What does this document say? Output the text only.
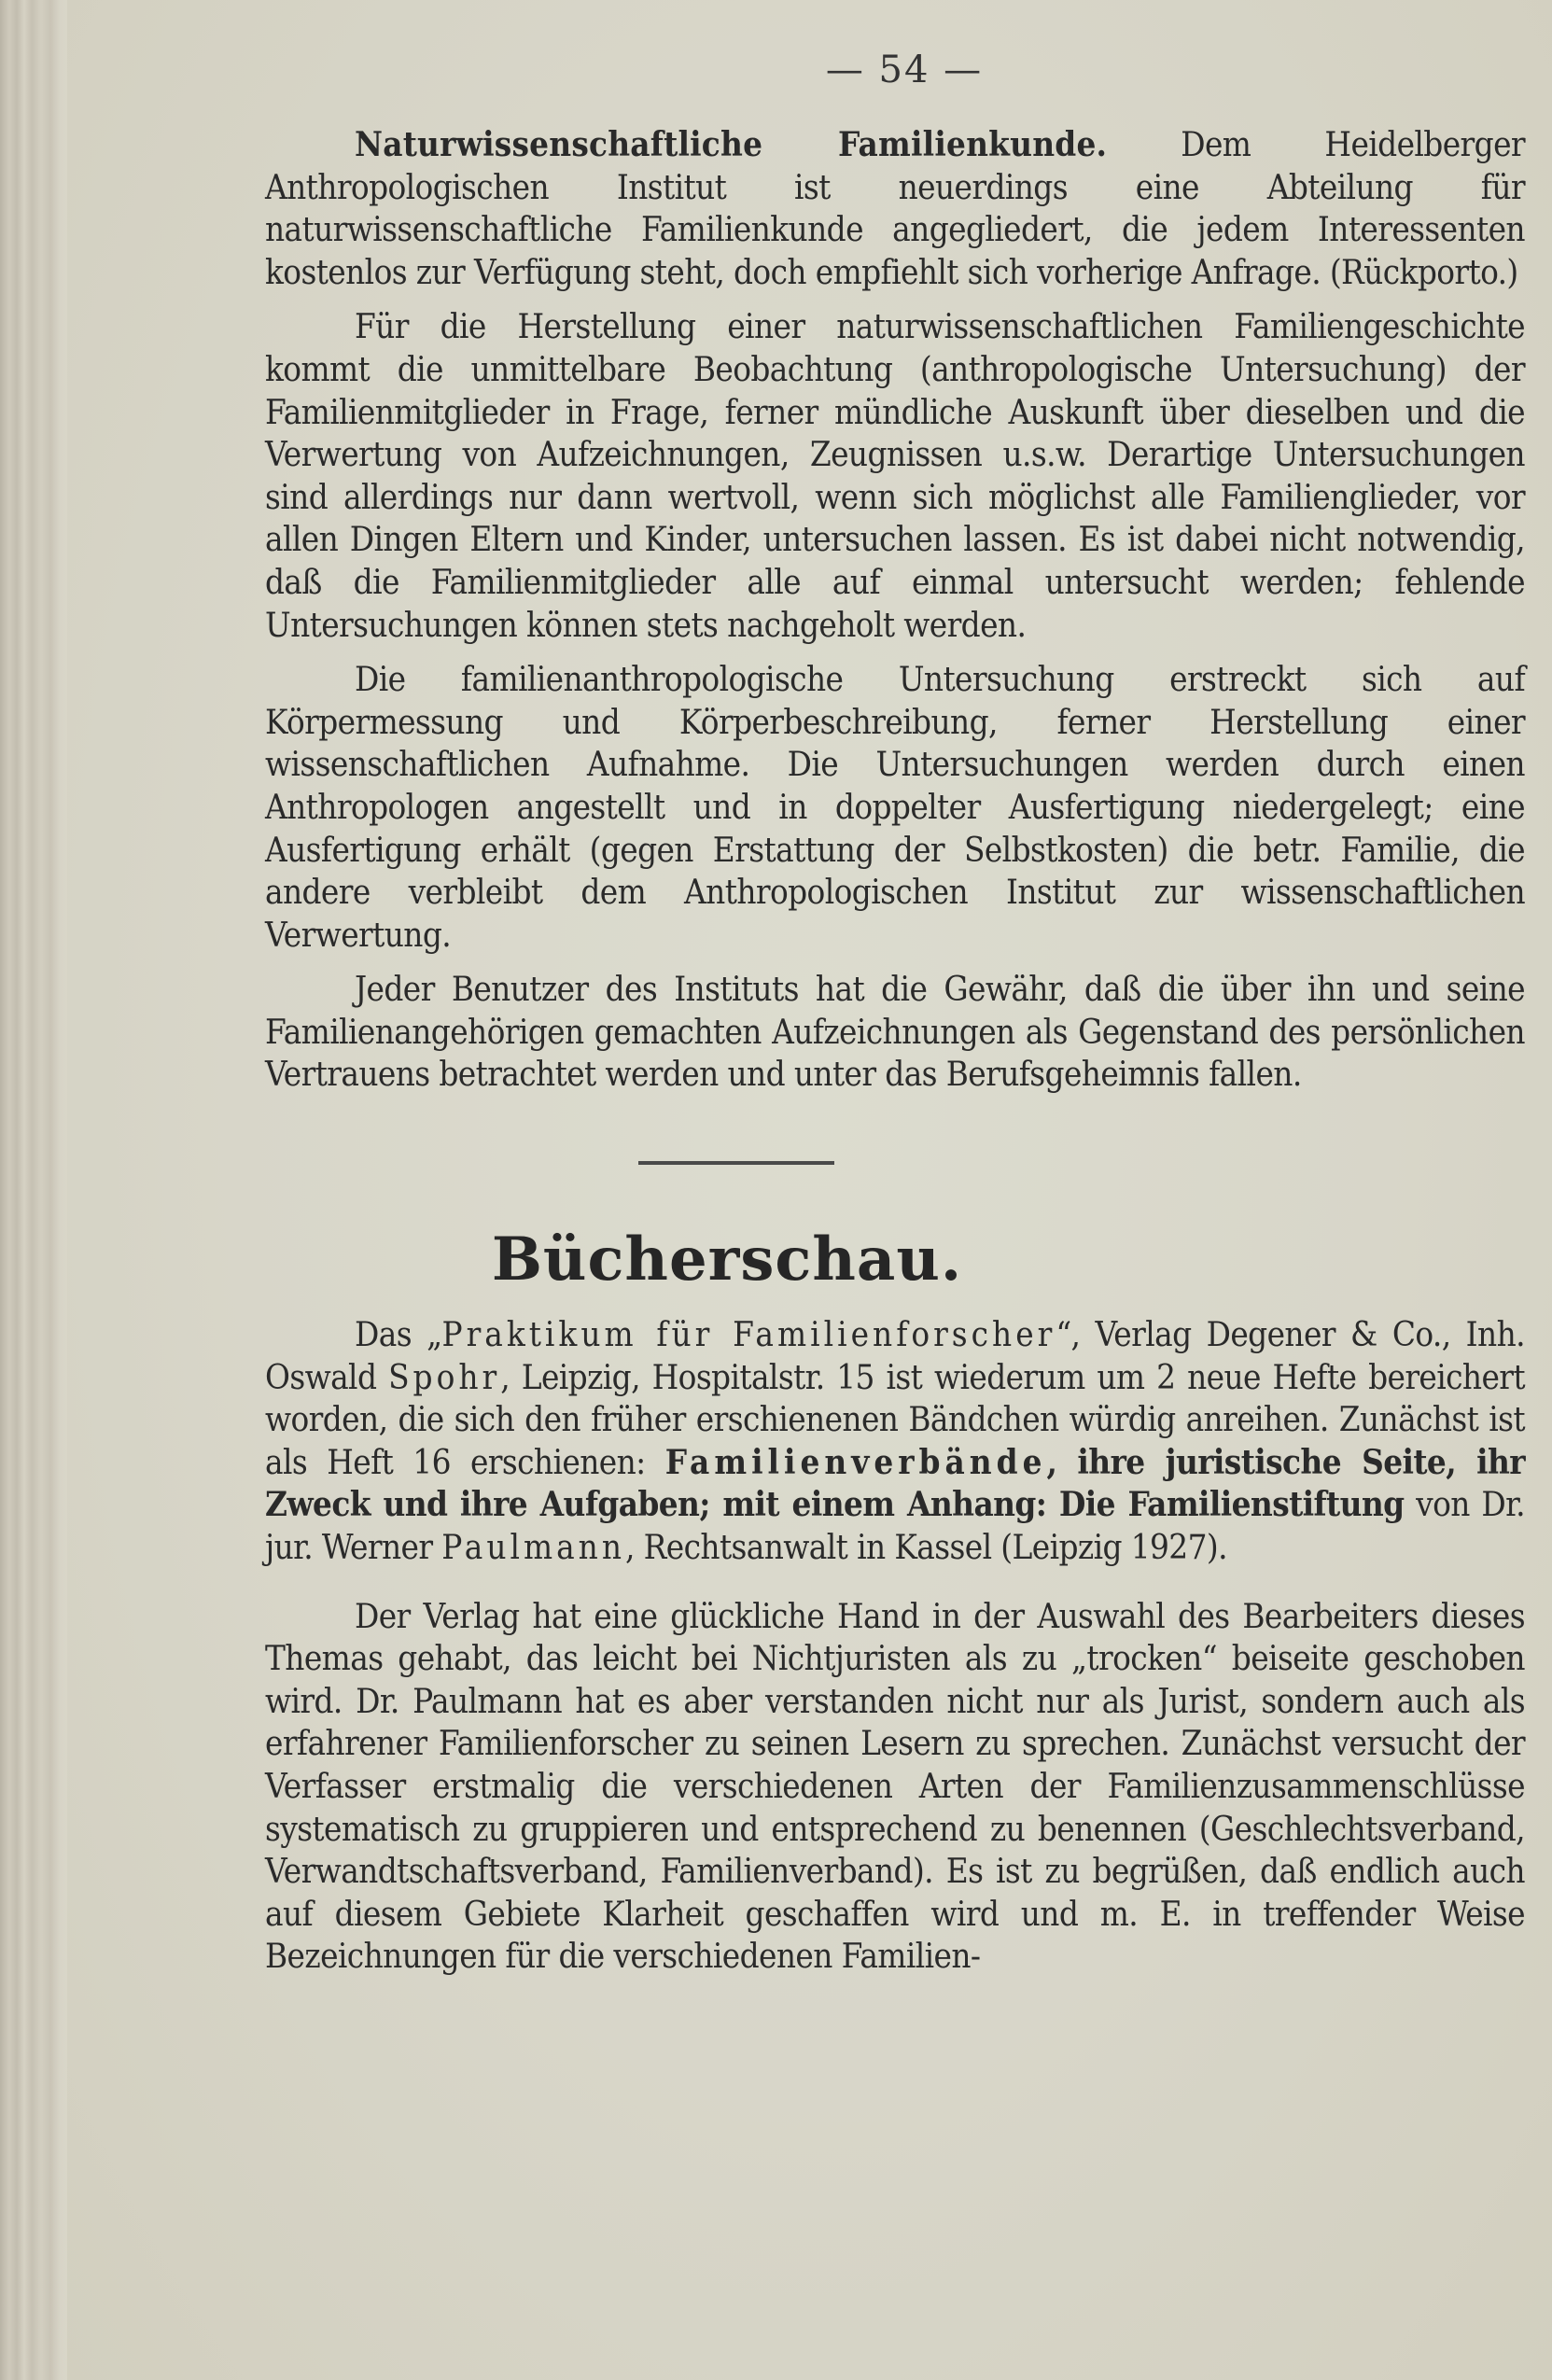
— 54 —

Naturwissenschaftliche Familienkunde. Dem Heidelberger Anthropologischen Institut ist neuerdings eine Abteilung für naturwissenschaftliche Familienkunde angegliedert, die jedem Interessenten kostenlos zur Verfügung steht, doch empfiehlt sich vorherige Anfrage. (Rückporto.)

Für die Herstellung einer naturwissenschaftlichen Familiengeschichte kommt die unmittelbare Beobachtung (anthropologische Untersuchung) der Familienmitglieder in Frage, ferner mündliche Auskunft über dieselben und die Verwertung von Aufzeichnungen, Zeugnissen u.s.w. Derartige Untersuchungen sind allerdings nur dann wertvoll, wenn sich möglichst alle Familienglieder, vor allen Dingen Eltern und Kinder, untersuchen lassen. Es ist dabei nicht notwendig, daß die Familienmitglieder alle auf einmal untersucht werden; fehlende Untersuchungen können stets nachgeholt werden.

Die familienanthropologische Untersuchung erstreckt sich auf Körpermessung und Körperbeschreibung, ferner Herstellung einer wissenschaftlichen Aufnahme. Die Untersuchungen werden durch einen Anthropologen angestellt und in doppelter Ausfertigung niedergelegt; eine Ausfertigung erhält (gegen Erstattung der Selbstkosten) die betr. Familie, die andere verbleibt dem Anthropologischen Institut zur wissenschaftlichen Verwertung.

Jeder Benutzer des Instituts hat die Gewähr, daß die über ihn und seine Familienangehörigen gemachten Aufzeichnungen als Gegenstand des persönlichen Vertrauens betrachtet werden und unter das Berufsgeheimnis fallen.

Bücherschau.

Das „Praktikum für Familienforscher“, Verlag Degener & Co., Inh. Oswald Spohr, Leipzig, Hospitalstr. 15 ist wiederum um 2 neue Hefte bereichert worden, die sich den früher erschienenen Bändchen würdig anreihen. Zunächst ist als Heft 16 erschienen: Familienverbände, ihre juristische Seite, ihr Zweck und ihre Aufgaben; mit einem Anhang: Die Familienstiftung von Dr. jur. Werner Paulmann, Rechtsanwalt in Kassel (Leipzig 1927).

Der Verlag hat eine glückliche Hand in der Auswahl des Bearbeiters dieses Themas gehabt, das leicht bei Nichtjuristen als zu „trocken“ beiseite geschoben wird. Dr. Paulmann hat es aber verstanden nicht nur als Jurist, sondern auch als erfahrener Familienforscher zu seinen Lesern zu sprechen. Zunächst versucht der Verfasser erstmalig die verschiedenen Arten der Familienzusammenschlüsse systematisch zu gruppieren und entsprechend zu benennen (Geschlechtsverband, Verwandtschaftsverband, Familienverband). Es ist zu begrüßen, daß endlich auch auf diesem Gebiete Klarheit geschaffen wird und m. E. in treffender Weise Bezeichnungen für die verschiedenen Familien-
